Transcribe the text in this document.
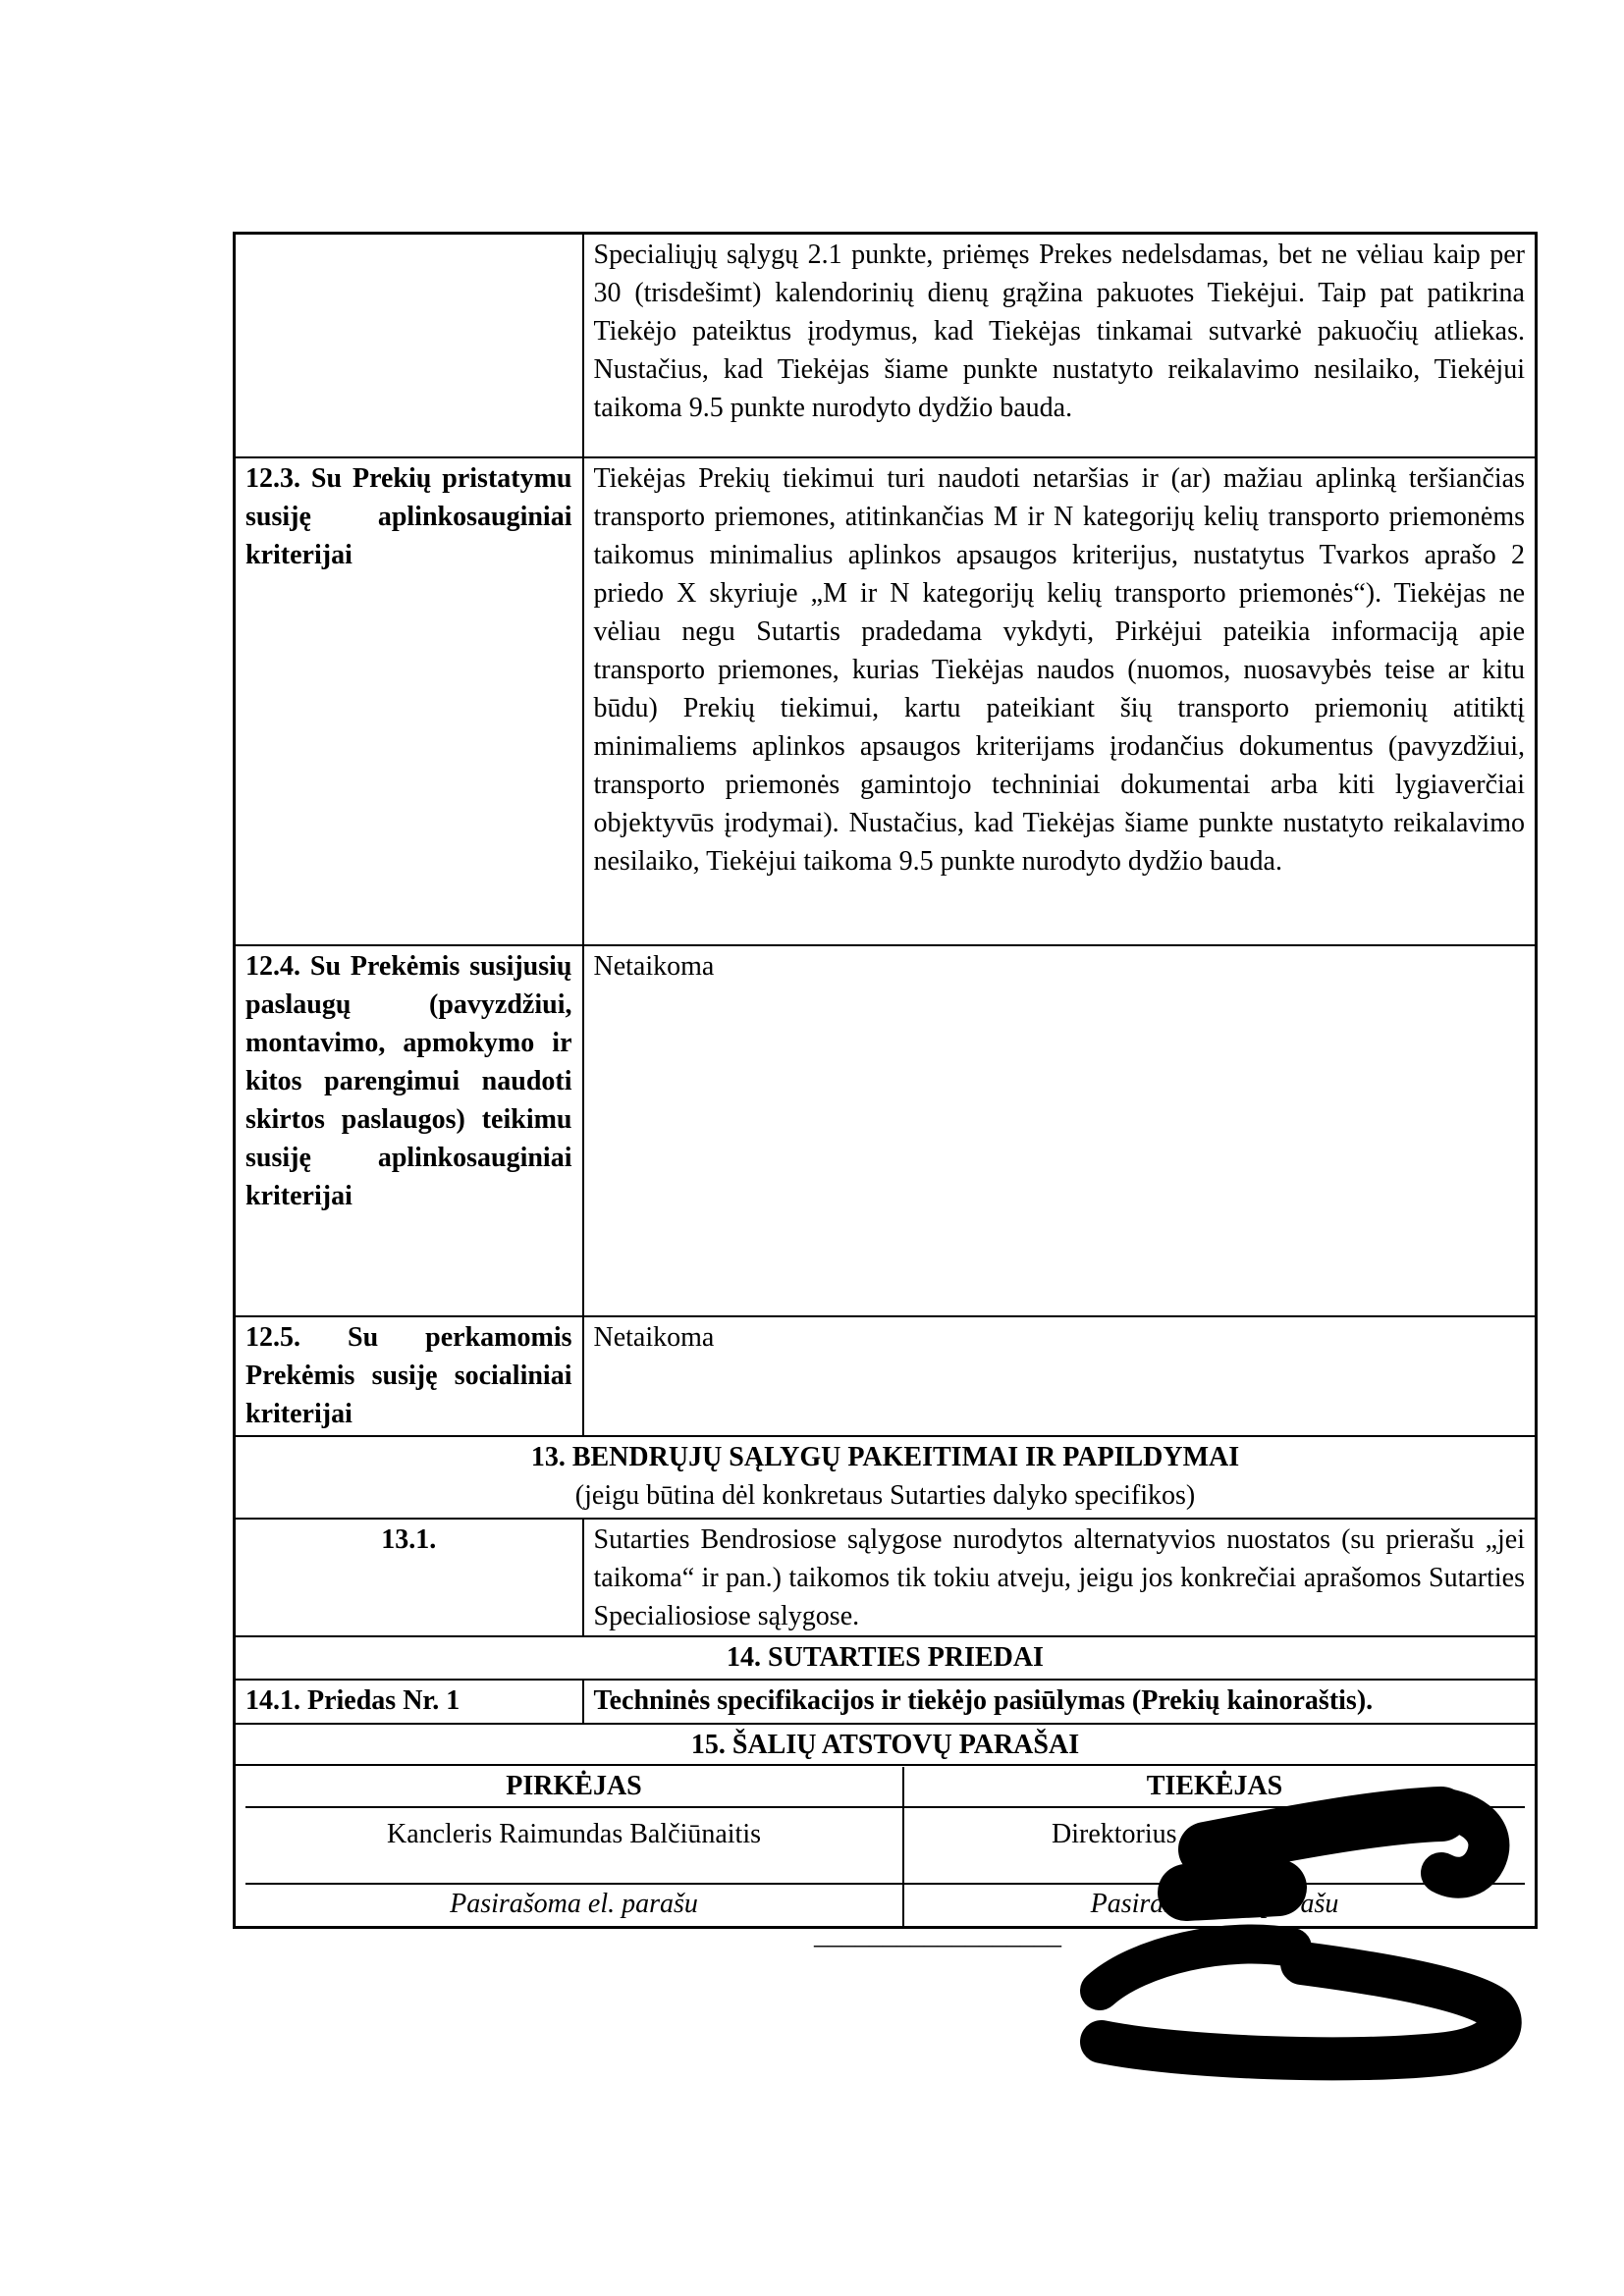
	Specialiųjų sąlygų 2.1 punkte, priėmęs Prekes nedelsdamas, bet ne vėliau kaip per 30 (trisdešimt) kalendorinių dienų grąžina pakuotes Tiekėjui. Taip pat patikrina Tiekėjo pateiktus įrodymus, kad Tiekėjas tinkamai sutvarkė pakuočių atliekas. Nustačius, kad Tiekėjas šiame punkte nustatyto reikalavimo nesilaiko, Tiekėjui taikoma 9.5 punkte nurodyto dydžio bauda.
12.3. Su Prekių pristatymu susiję aplinkosauginiai kriterijai	Tiekėjas Prekių tiekimui turi naudoti netaršias ir (ar) mažiau aplinką teršiančias transporto priemones, atitinkančias M ir N kategorijų kelių transporto priemonėms taikomus minimalius aplinkos apsaugos kriterijus, nustatytus Tvarkos aprašo 2 priedo X skyriuje „M ir N kategorijų kelių transporto priemonės“). Tiekėjas ne vėliau negu Sutartis pradedama vykdyti, Pirkėjui pateikia informaciją apie transporto priemones, kurias Tiekėjas naudos (nuomos, nuosavybės teise ar kitu būdu) Prekių tiekimui, kartu pateikiant šių transporto priemonių atitiktį minimaliems aplinkos apsaugos kriterijams įrodančius dokumentus (pavyzdžiui, transporto priemonės gamintojo techniniai dokumentai arba kiti lygiaverčiai objektyvūs įrodymai). Nustačius, kad Tiekėjas šiame punkte nustatyto reikalavimo nesilaiko, Tiekėjui taikoma 9.5 punkte nurodyto dydžio bauda.
12.4. Su Prekėmis susijusių paslaugų (pavyzdžiui, montavimo, apmokymo ir kitos parengimui naudoti skirtos paslaugos) teikimu susiję aplinkosauginiai kriterijai	Netaikoma
12.5. Su perkamomis Prekėmis susiję socialiniai kriterijai	Netaikoma
13. BENDRŲJŲ SĄLYGŲ PAKEITIMAI IR PAPILDYMAI
(jeigu būtina dėl konkretaus Sutarties dalyko specifikos)	

13.1.	Sutarties Bendrosiose sąlygose nurodytos alternatyvios nuostatos (su prierašu „jei taikoma“ ir pan.) taikomos tik tokiu atveju, jeigu jos konkrečiai aprašomos Sutarties Specialiosiose sąlygose.
14. SUTARTIES PRIEDAI	
14.1. Priedas Nr. 1	Techninės specifikacijos ir tiekėjo pasiūlymas (Prekių kainoraštis).
15. ŠALIŲ ATSTOVŲ PARAŠAI	

PIRKĖJAS	TIEKĖJAS
Kancleris Raimundas Balčiūnaitis	Direktorius
Pasirašoma el. parašu	Pasirašoma el. parašu
__________________
